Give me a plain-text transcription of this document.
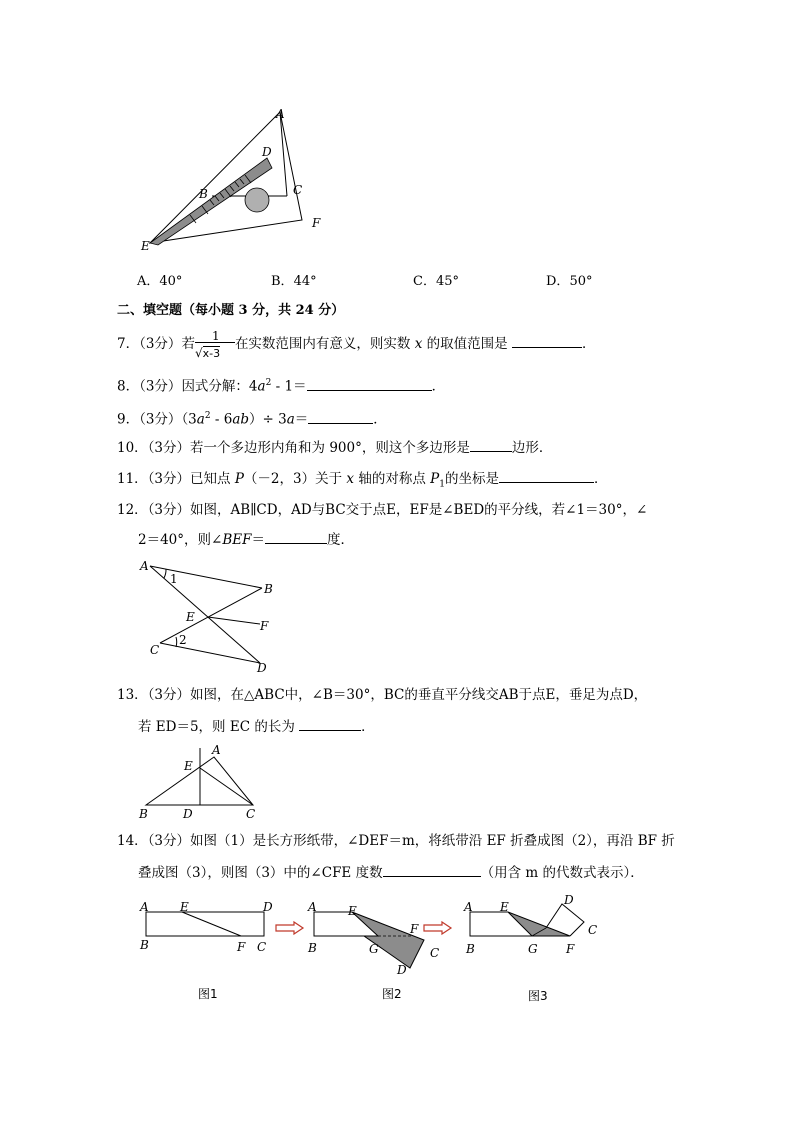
A
D
B	C
E
F
A．40°	B．44°	C．45°	D．50°
二、填空题（每小题 3 分，共 24 分）
7．（3分）若 $\frac{1}{√x-3}$ 在实数范围内有意义，则实数 x 的取值范围是	．
8．（3分）因式分解：$4a^2 - 1=$	．
9．（3分）$(3a^2 - 6ab)\div 3a=$	．
10．（3分）若一个多边形内角和为 900°，则这个多边形是	边形．
11．（3分）已知点 P（－2，3）关于 x 轴的对称点 $P_1$的坐标是	．
12．（3分）如图，AB∥CD，AD与BC交于点E，EF是∠BED的平分线，若∠1＝30°，∠
2＝40°，则∠BEF＝	度．
A
1
B
E
F
2
C
D
13．（3分）如图，在△ABC中，∠B＝30°，BC的垂直平分线交AB于点E，垂足为点D，
若 ED＝5，则 EC 的长为	．
A
E
B	D	C
14．（3分）如图（1）是长方形纸带，∠DEF＝m，将纸带沿 EF 折叠成图（2），再沿 BF 折
叠成图（3），则图（3）中的∠CFE 度数	（用含 m 的代数式表示）．
A	E	D
B	F C
A	E
F
B	G	C
D
A E	D
C
B	G F
图1	图2	图3
